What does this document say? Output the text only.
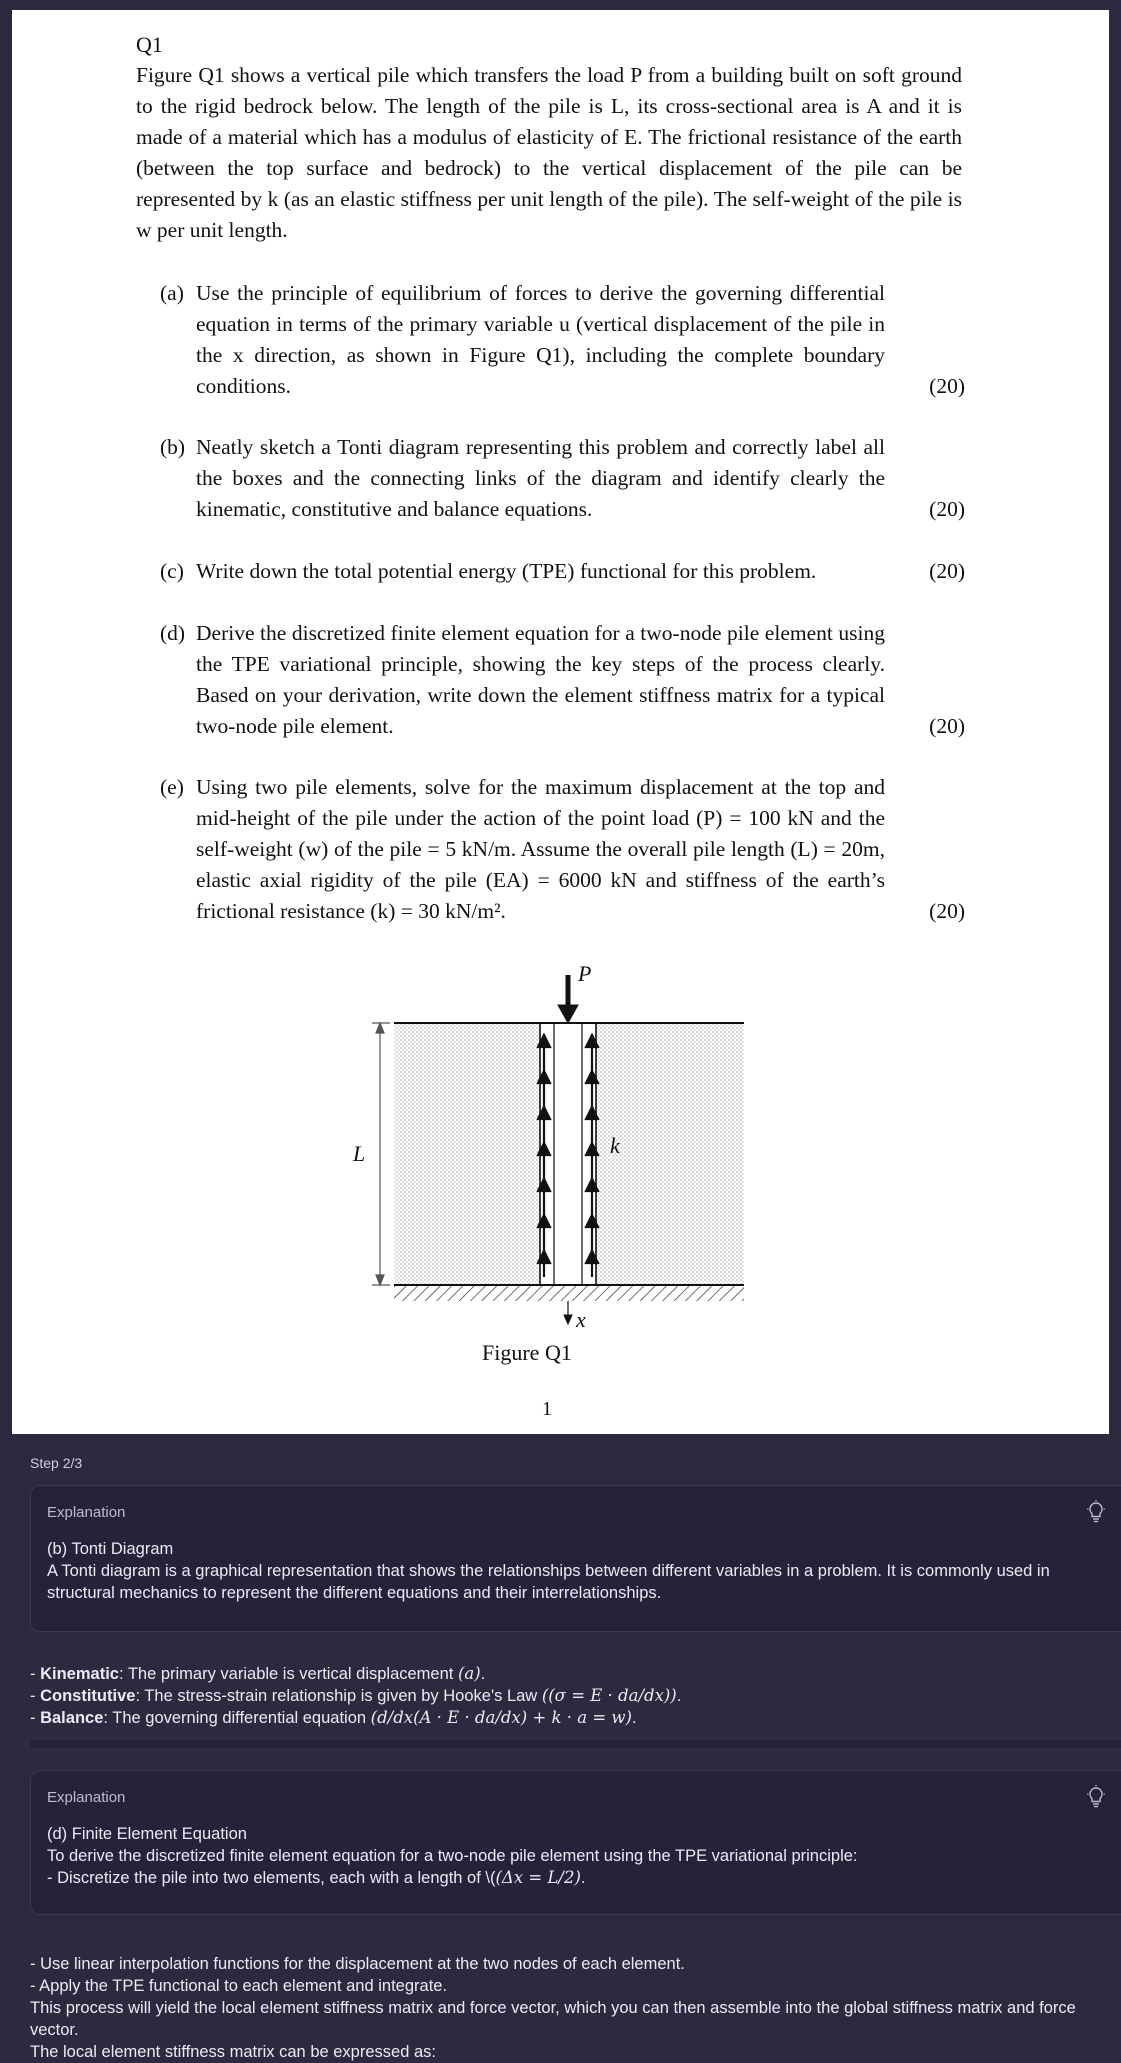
Q1
Figure Q1 shows a vertical pile which transfers the load P from a building built on soft ground to the rigid bedrock below. The length of the pile is L, its cross-sectional area is A and it is made of a material which has a modulus of elasticity of E. The frictional resistance of the earth (between the top surface and bedrock) to the vertical displacement of the pile can be represented by k (as an elastic stiffness per unit length of the pile). The self-weight of the pile is w per unit length.
(a) Use the principle of equilibrium of forces to derive the governing differential equation in terms of the primary variable u (vertical displacement of the pile in the x direction, as shown in Figure Q1), including the complete boundary conditions.	(20)
(b) Neatly sketch a Tonti diagram representing this problem and correctly label all the boxes and the connecting links of the diagram and identify clearly the kinematic, constitutive and balance equations.	(20)
(c) Write down the total potential energy (TPE) functional for this problem.	(20)
(d) Derive the discretized finite element equation for a two-node pile element using the TPE variational principle, showing the key steps of the process clearly. Based on your derivation, write down the element stiffness matrix for a typical two-node pile element.	(20)
(e) Using two pile elements, solve for the maximum displacement at the top and mid-height of the pile under the action of the point load (P) = 100 kN and the self-weight (w) of the pile = 5 kN/m. Assume the overall pile length (L) = 20m, elastic axial rigidity of the pile (EA) = 6000 kN and stiffness of the earth’s frictional resistance (k) = 30 kN/m².	(20)
P
L	k
x
Figure Q1
1
Step 2/3
Explanation
(b) Tonti Diagram
A Tonti diagram is a graphical representation that shows the relationships between different variables in a problem. It is commonly used in structural mechanics to represent the different equations and their interrelationships.
- Kinematic: The primary variable is vertical displacement (a).
- Constitutive: The stress-strain relationship is given by Hooke's Law ((σ = E · da/dx)).
- Balance: The governing differential equation (d/dx(A · E · da/dx) + k · a = w).
Explanation
(d) Finite Element Equation
To derive the discretized finite element equation for a two-node pile element using the TPE variational principle:
- Discretize the pile into two elements, each with a length of \((Δx = L/2).
- Use linear interpolation functions for the displacement at the two nodes of each element.
- Apply the TPE functional to each element and integrate.
This process will yield the local element stiffness matrix and force vector, which you can then assemble into the global stiffness matrix and force vector.
The local element stiffness matrix can be expressed as:
